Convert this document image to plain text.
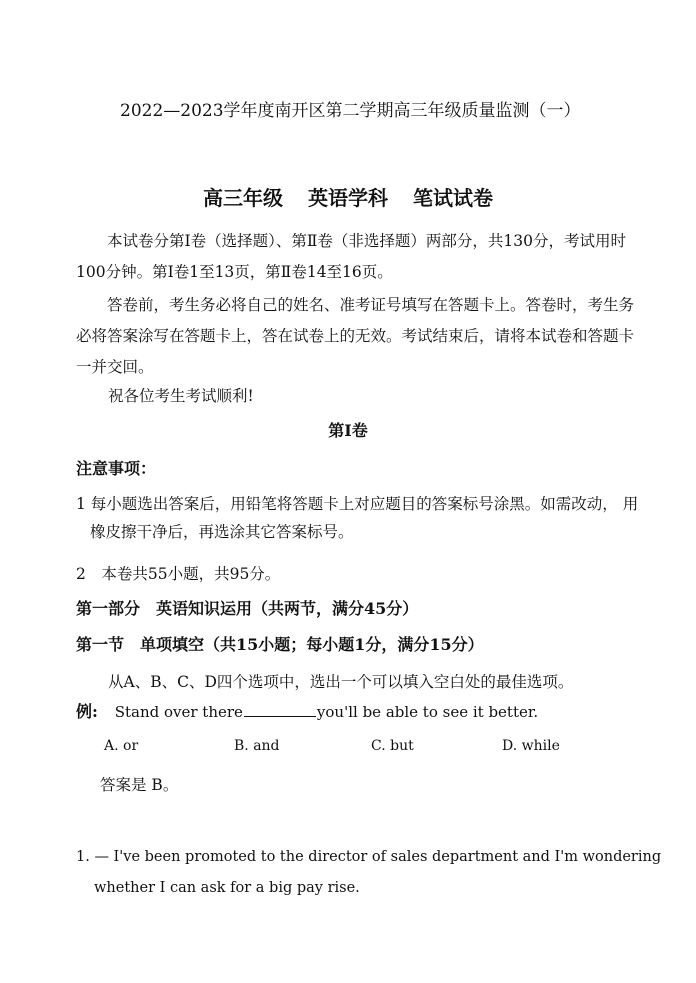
2022—2023学年度南开区第二学期高三年级质量监测（一）
高三年级 英语学科 笔试试卷
本试卷分第Ⅰ卷（选择题）、第Ⅱ卷（非选择题）两部分，共130分，考试用时100分钟。第Ⅰ卷1至13页，第Ⅱ卷14至16页。
答卷前，考生务必将自己的姓名、准考证号填写在答题卡上。答卷时，考生务必将答案涂写在答题卡上，答在试卷上的无效。考试结束后，请将本试卷和答题卡一并交回。
祝各位考生考试顺利!
第Ⅰ卷
注意事项：
1 每小题选出答案后，用铅笔将答题卡上对应题目的答案标号涂黑。如需改动， 用
橡皮擦干净后，再选涂其它答案标号。
2　本卷共55小题，共95分。
第一部分　英语知识运用（共两节，满分45分）
第一节　单项填空（共15小题；每小题1分，满分15分）
从A、B、C、D四个选项中，选出一个可以填入空白处的最佳选项。
例: Stand over there	you'll be able to see it better.
A. or	B. and	C. but	D. while
答案是 B。
1. — I've been promoted to the director of sales department and I'm wondering
whether I can ask for a big pay rise.
